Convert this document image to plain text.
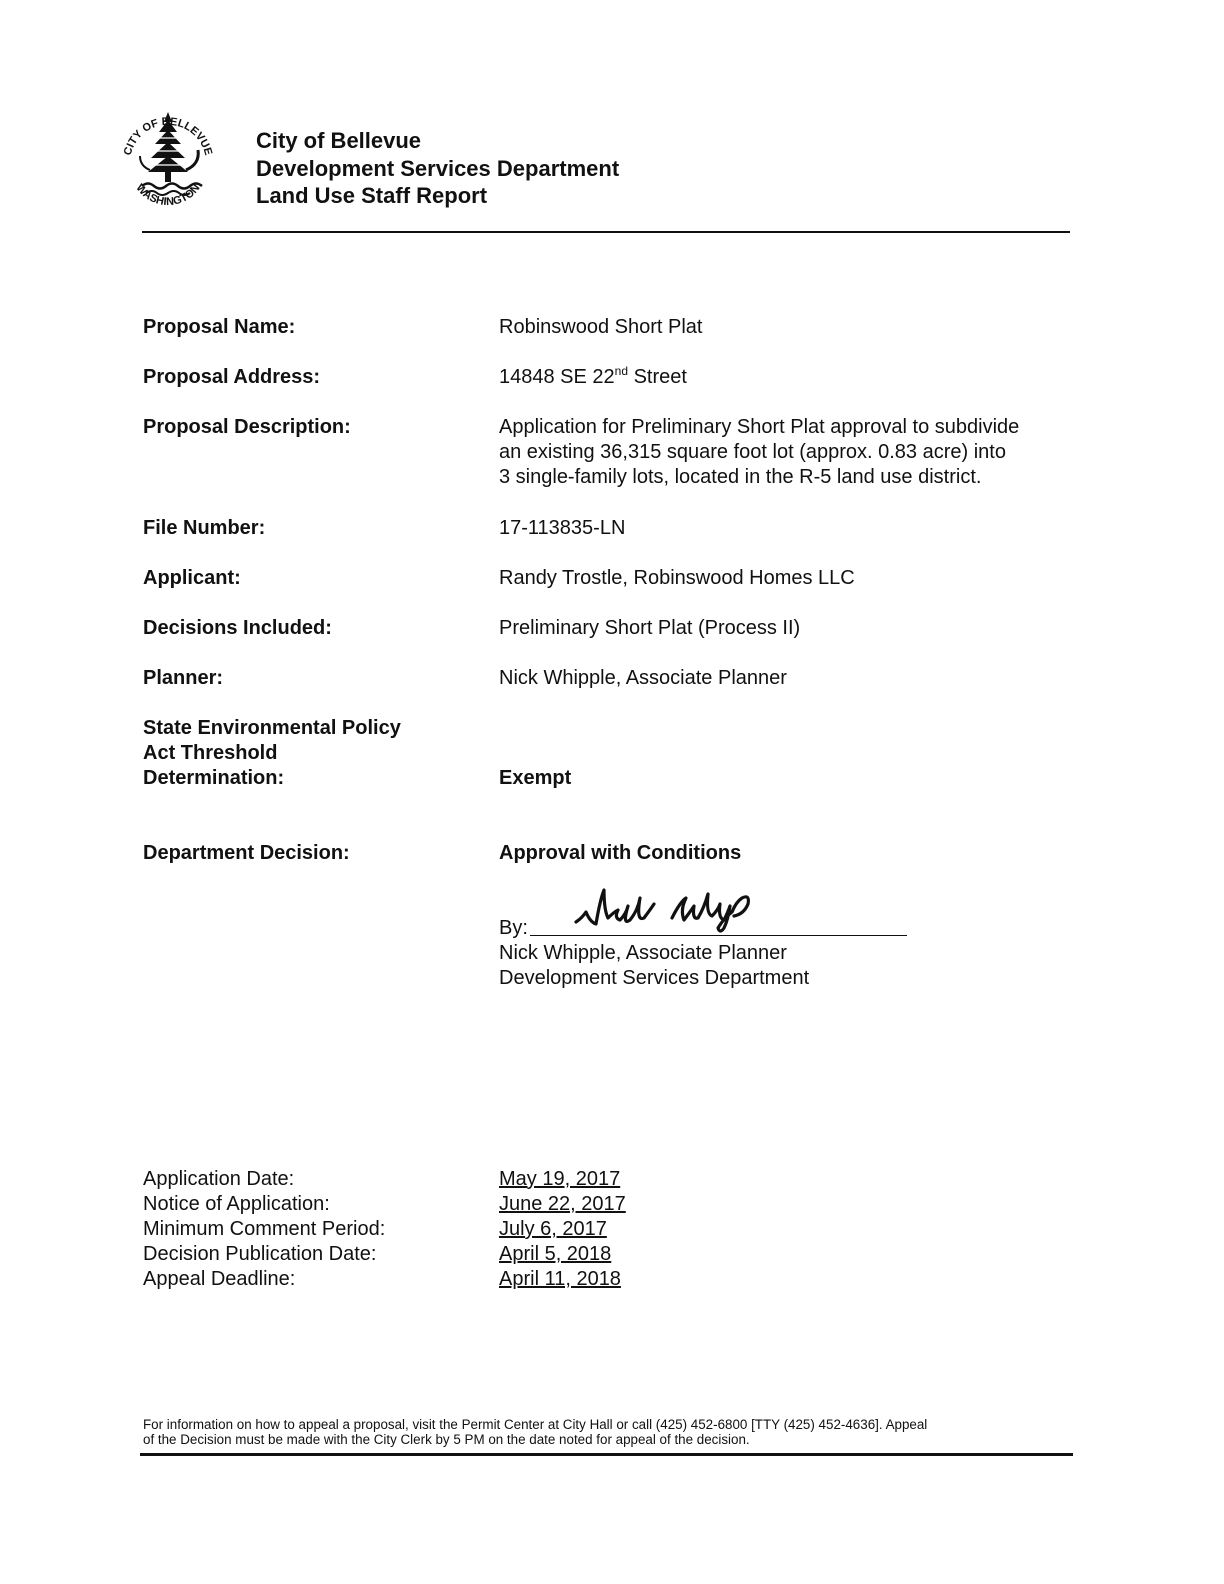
CITY OF BELLEVUE
WASHINGTON
City of Bellevue
Development Services Department
Land Use Staff Report
Proposal Name:	Robinswood Short Plat
Proposal Address:	14848 SE 22nd Street
Proposal Description:	Application for Preliminary Short Plat approval to subdivide
an existing 36,315 square foot lot (approx. 0.83 acre) into
3 single-family lots, located in the R-5 land use district.
File Number:	17-113835-LN
Applicant:	Randy Trostle, Robinswood Homes LLC
Decisions Included:	Preliminary Short Plat (Process II)
Planner:	Nick Whipple, Associate Planner
State Environmental Policy
Act Threshold
Determination:	Exempt
Department Decision:	Approval with Conditions
By:
Nick Whipple, Associate Planner
Development Services Department
Application Date:	May 19, 2017
Notice of Application:	June 22, 2017
Minimum Comment Period:	July 6, 2017
Decision Publication Date:	April 5, 2018
Appeal Deadline:	April 11, 2018
For information on how to appeal a proposal, visit the Permit Center at City Hall or call (425) 452-6800 [TTY (425) 452-4636]. Appeal
of the Decision must be made with the City Clerk by 5 PM on the date noted for appeal of the decision.
